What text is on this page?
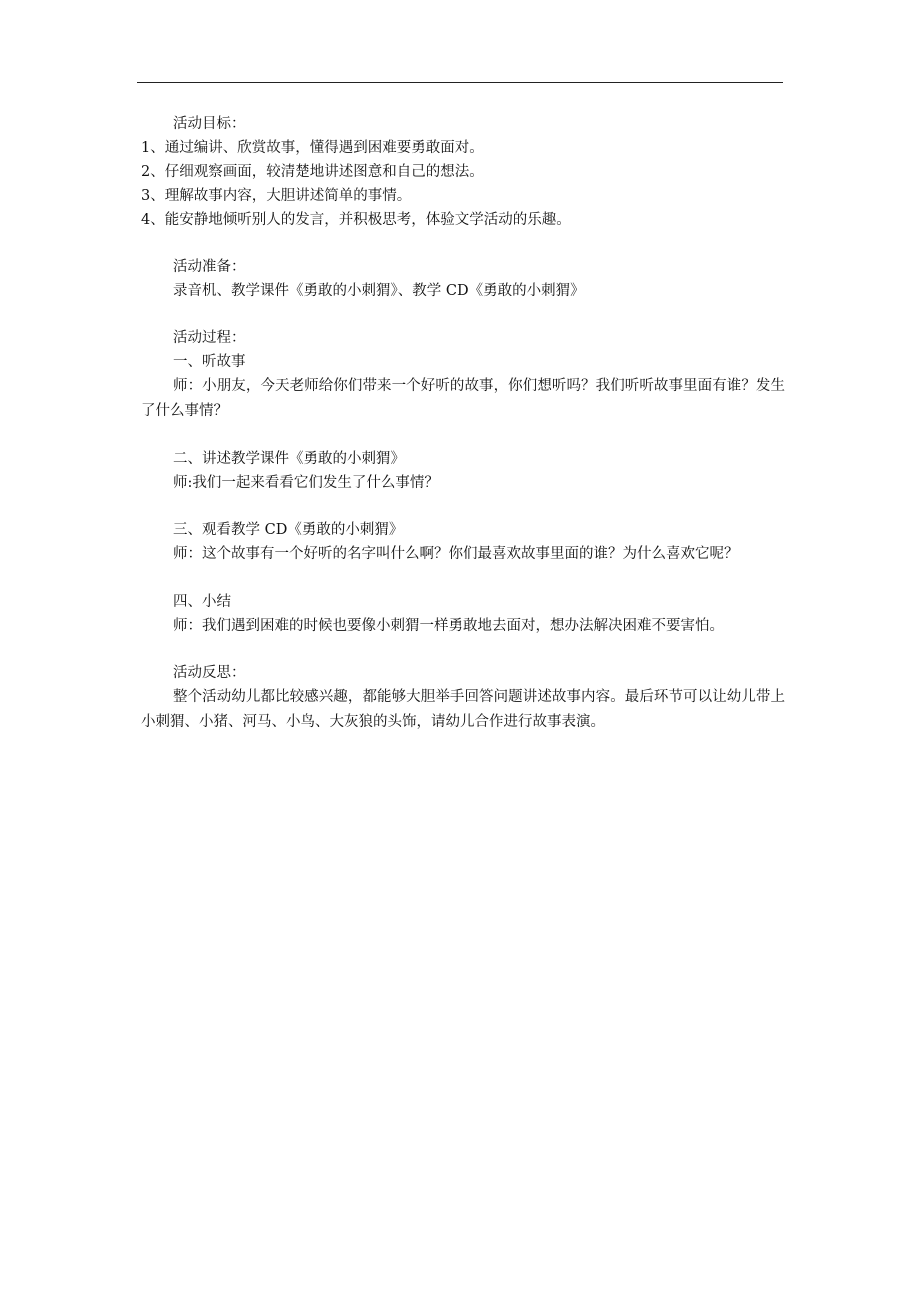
活动目标：
1、通过编讲、欣赏故事，懂得遇到困难要勇敢面对。
2、仔细观察画面，较清楚地讲述图意和自己的想法。
3、理解故事内容，大胆讲述简单的事情。
4、能安静地倾听别人的发言，并积极思考，体验文学活动的乐趣。
活动准备：
录音机、教学课件《勇敢的小刺猬》、教学 CD《勇敢的小刺猬》
活动过程：
一、听故事
师：小朋友，今天老师给你们带来一个好听的故事，你们想听吗？我们听听故事里面有谁？发生了什么事情？
二、讲述教学课件《勇敢的小刺猬》
师:我们一起来看看它们发生了什么事情？
三、观看教学 CD《勇敢的小刺猬》
师：这个故事有一个好听的名字叫什么啊？你们最喜欢故事里面的谁？为什么喜欢它呢？
四、小结
师：我们遇到困难的时候也要像小刺猬一样勇敢地去面对，想办法解决困难不要害怕。
活动反思：
整个活动幼儿都比较感兴趣，都能够大胆举手回答问题讲述故事内容。最后环节可以让幼儿带上小刺猬、小猪、河马、小鸟、大灰狼的头饰，请幼儿合作进行故事表演。
